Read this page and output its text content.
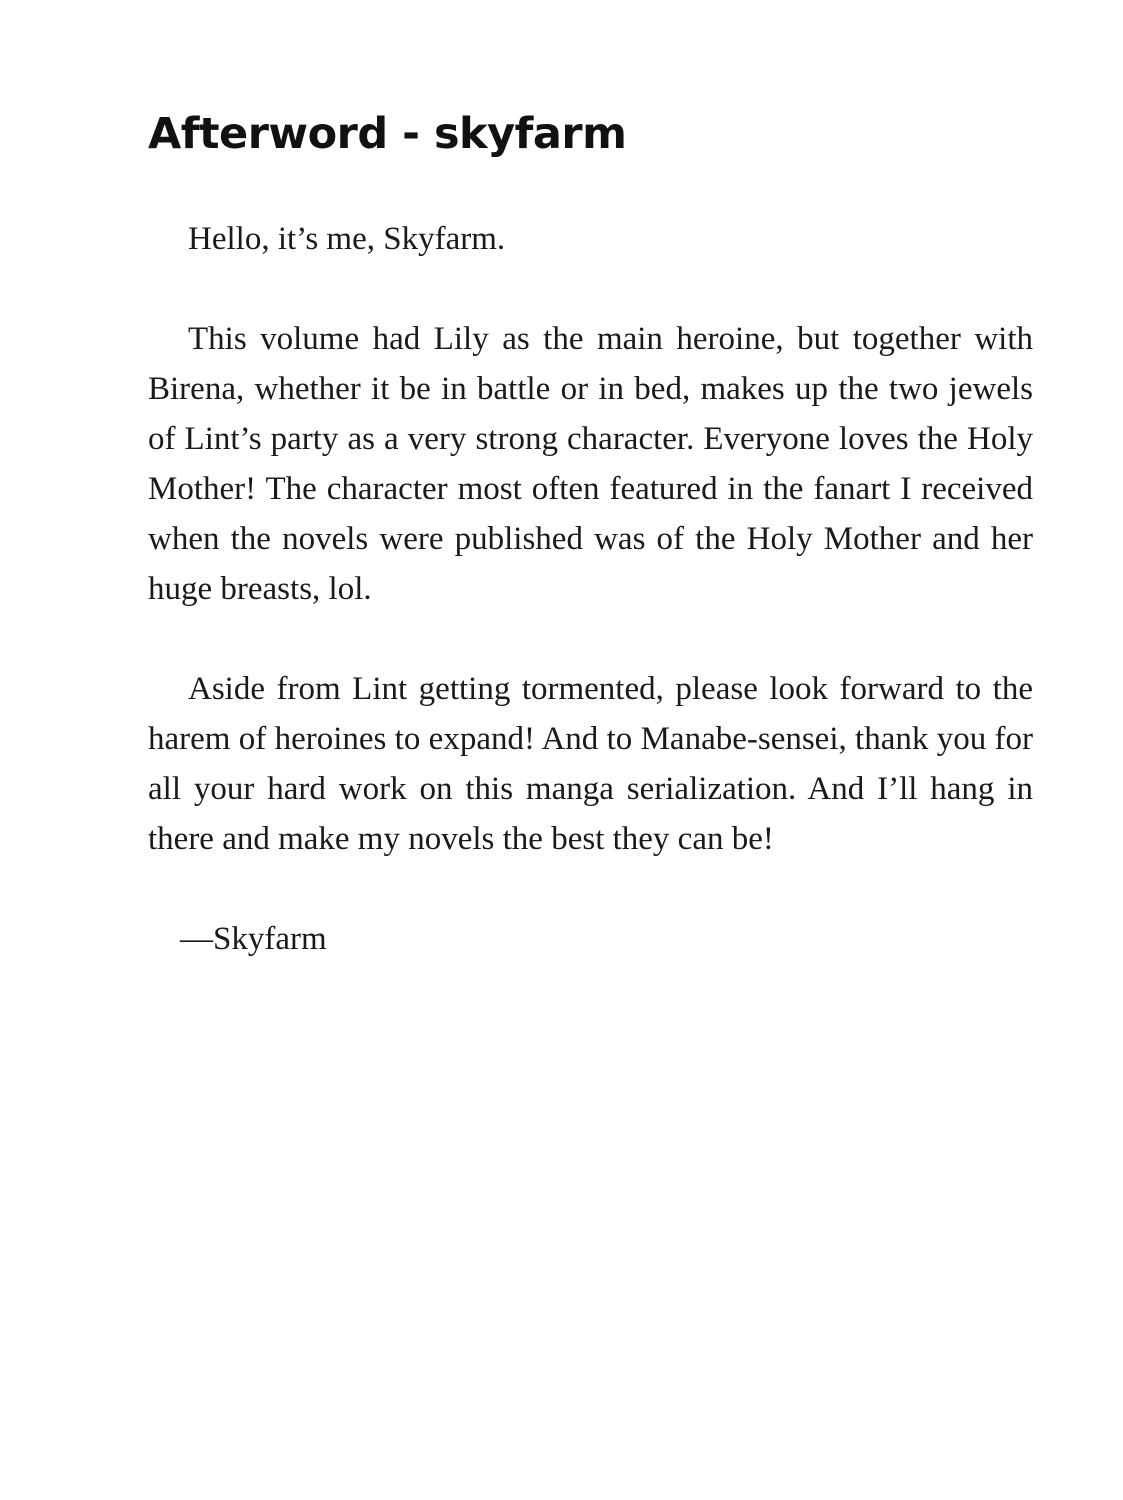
Afterword - skyfarm

Hello, it’s me, Skyfarm.

This volume had Lily as the main heroine, but together with Birena, whether it be in battle or in bed, makes up the two jewels of Lint’s party as a very strong character. Everyone loves the Holy Mother! The character most often featured in the fanart I received when the novels were published was of the Holy Mother and her huge breasts, lol.

Aside from Lint getting tormented, please look forward to the harem of heroines to expand! And to Manabe-sensei, thank you for all your hard work on this manga serialization. And I’ll hang in there and make my novels the best they can be!

—Skyfarm
